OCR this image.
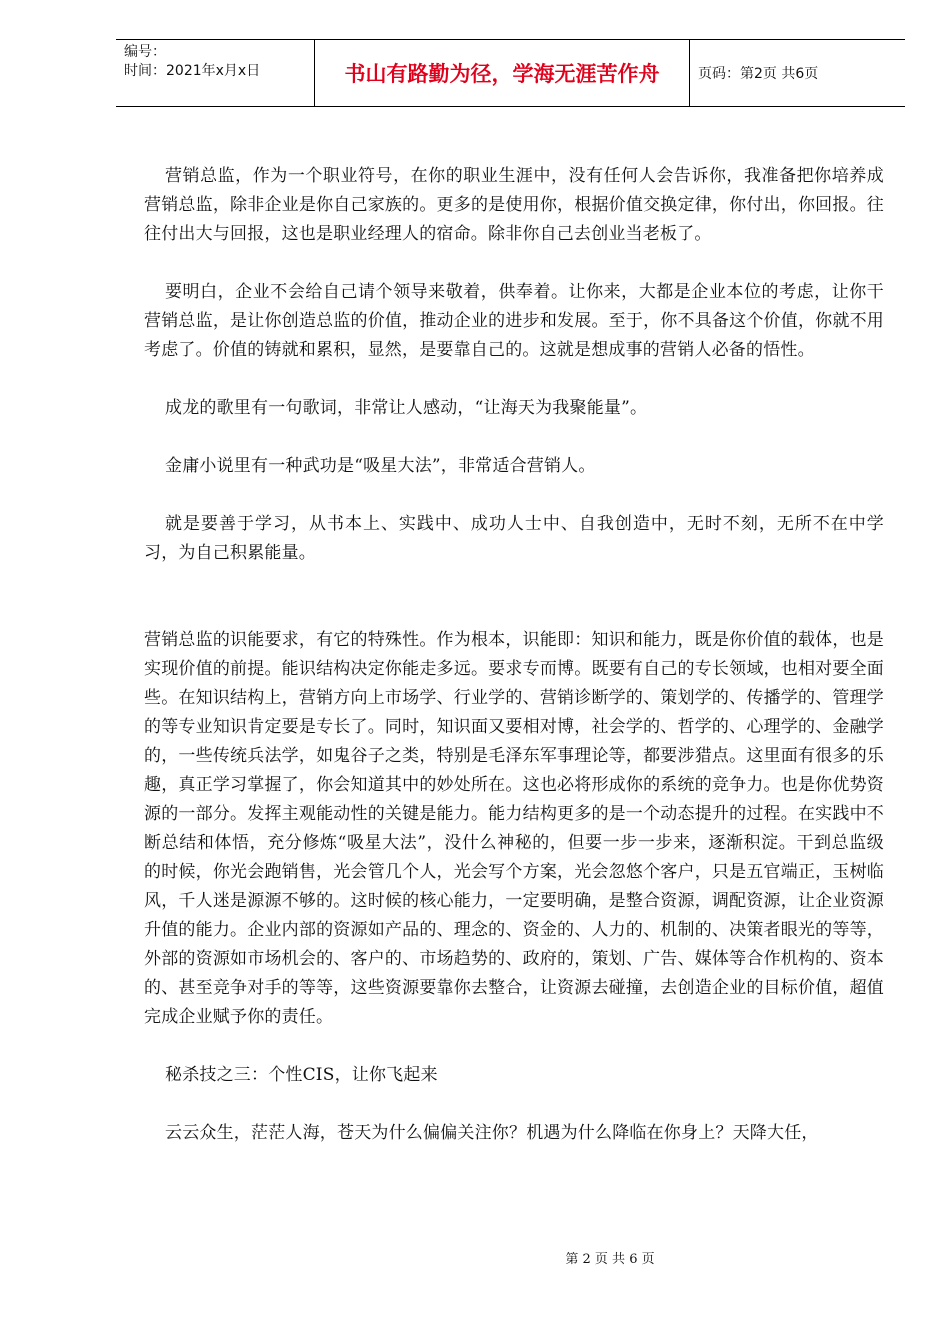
编号：
时间：2021年x月x日	书山有路勤为径，学海无涯苦作舟	页码：第2页 共6页

营销总监，作为一个职业符号，在你的职业生涯中，没有任何人会告诉你，我准备把你培养成营销总监，除非企业是你自己家族的。更多的是使用你，根据价值交换定律，你付出，你回报。往往付出大与回报，这也是职业经理人的宿命。除非你自己去创业当老板了。

要明白，企业不会给自己请个领导来敬着，供奉着。让你来，大都是企业本位的考虑，让你干营销总监，是让你创造总监的价值，推动企业的进步和发展。至于，你不具备这个价值，你就不用考虑了。价值的铸就和累积，显然，是要靠自己的。这就是想成事的营销人必备的悟性。

成龙的歌里有一句歌词，非常让人感动，“让海天为我聚能量”。

金庸小说里有一种武功是“吸星大法”，非常适合营销人。

就是要善于学习，从书本上、实践中、成功人士中、自我创造中，无时不刻，无所不在中学习，为自己积累能量。

营销总监的识能要求，有它的特殊性。作为根本，识能即：知识和能力，既是你价值的载体，也是实现价值的前提。能识结构决定你能走多远。要求专而博。既要有自己的专长领域，也相对要全面些。在知识结构上，营销方向上市场学、行业学的、营销诊断学的、策划学的、传播学的、管理学的等专业知识肯定要是专长了。同时，知识面又要相对博，社会学的、哲学的、心理学的、金融学的，一些传统兵法学，如鬼谷子之类，特别是毛泽东军事理论等，都要涉猎点。这里面有很多的乐趣，真正学习掌握了，你会知道其中的妙处所在。这也必将形成你的系统的竞争力。也是你优势资源的一部分。发挥主观能动性的关键是能力。能力结构更多的是一个动态提升的过程。在实践中不断总结和体悟，充分修炼“吸星大法”，没什么神秘的，但要一步一步来，逐渐积淀。干到总监级的时候，你光会跑销售，光会管几个人，光会写个方案，光会忽悠个客户，只是五官端正，玉树临风，千人迷是源源不够的。这时候的核心能力，一定要明确，是整合资源，调配资源，让企业资源升值的能力。企业内部的资源如产品的、理念的、资金的、人力的、机制的、决策者眼光的等等，外部的资源如市场机会的、客户的、市场趋势的、政府的，策划、广告、媒体等合作机构的、资本的、甚至竞争对手的等等，这些资源要靠你去整合，让资源去碰撞，去创造企业的目标价值，超值完成企业赋予你的责任。

秘杀技之三：个性CIS，让你飞起来

云云众生，茫茫人海，苍天为什么偏偏关注你？机遇为什么降临在你身上？天降大任，

第 2 页 共 6 页
